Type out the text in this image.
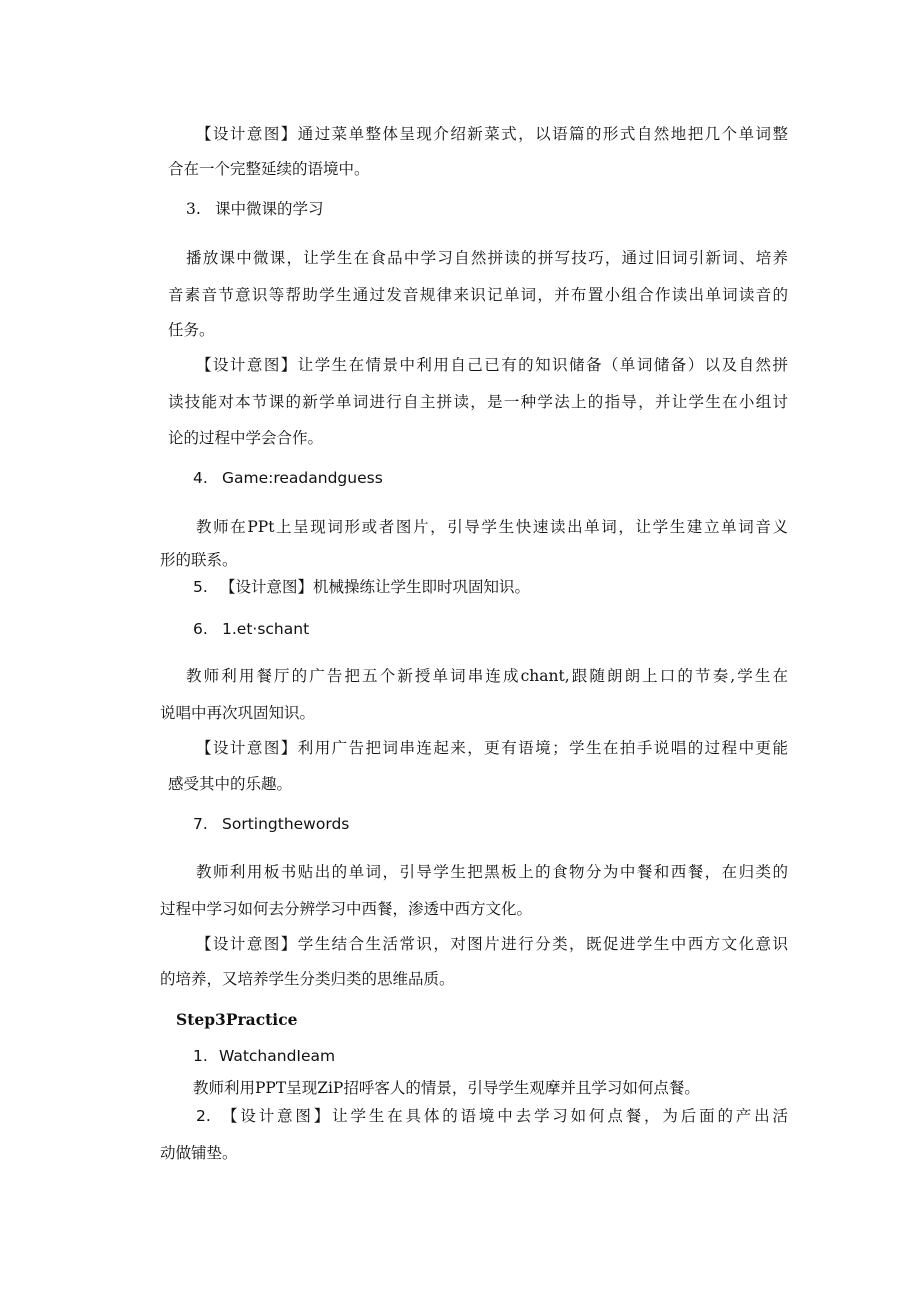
【设计意图】通过菜单整体呈现介绍新菜式，以语篇的形式自然地把几个单词整
合在一个完整延续的语境中。
3. 课中微课的学习
播放课中微课，让学生在食品中学习自然拼读的拼写技巧，通过旧词引新词、培养
音素音节意识等帮助学生通过发音规律来识记单词，并布置小组合作读出单词读音的
任务。
【设计意图】让学生在情景中利用自己已有的知识储备（单词储备）以及自然拼
读技能对本节课的新学单词进行自主拼读，是一种学法上的指导，并让学生在小组讨
论的过程中学会合作。
4. Game:readandguess
教师在PPt上呈现词形或者图片，引导学生快速读出单词，让学生建立单词音义
形的联系。
5. 【设计意图】机械操练让学生即时巩固知识。
6. 1.et·schant
教师利用餐厅的广告把五个新授单词串连成chant,跟随朗朗上口的节奏,学生在
说唱中再次巩固知识。
【设计意图】利用广告把词串连起来，更有语境；学生在拍手说唱的过程中更能
感受其中的乐趣。
7. Sortingthewords
教师利用板书贴出的单词，引导学生把黑板上的食物分为中餐和西餐，在归类的
过程中学习如何去分辨学习中西餐，渗透中西方文化。
【设计意图】学生结合生活常识，对图片进行分类，既促进学生中西方文化意识
的培养，又培养学生分类归类的思维品质。
Step3Practice
1. WatchandIeam
教师利用PPT呈现ZiP招呼客人的情景，引导学生观摩并且学习如何点餐。
2. 【设计意图】让学生在具体的语境中去学习如何点餐，为后面的产出活
动做铺垫。
